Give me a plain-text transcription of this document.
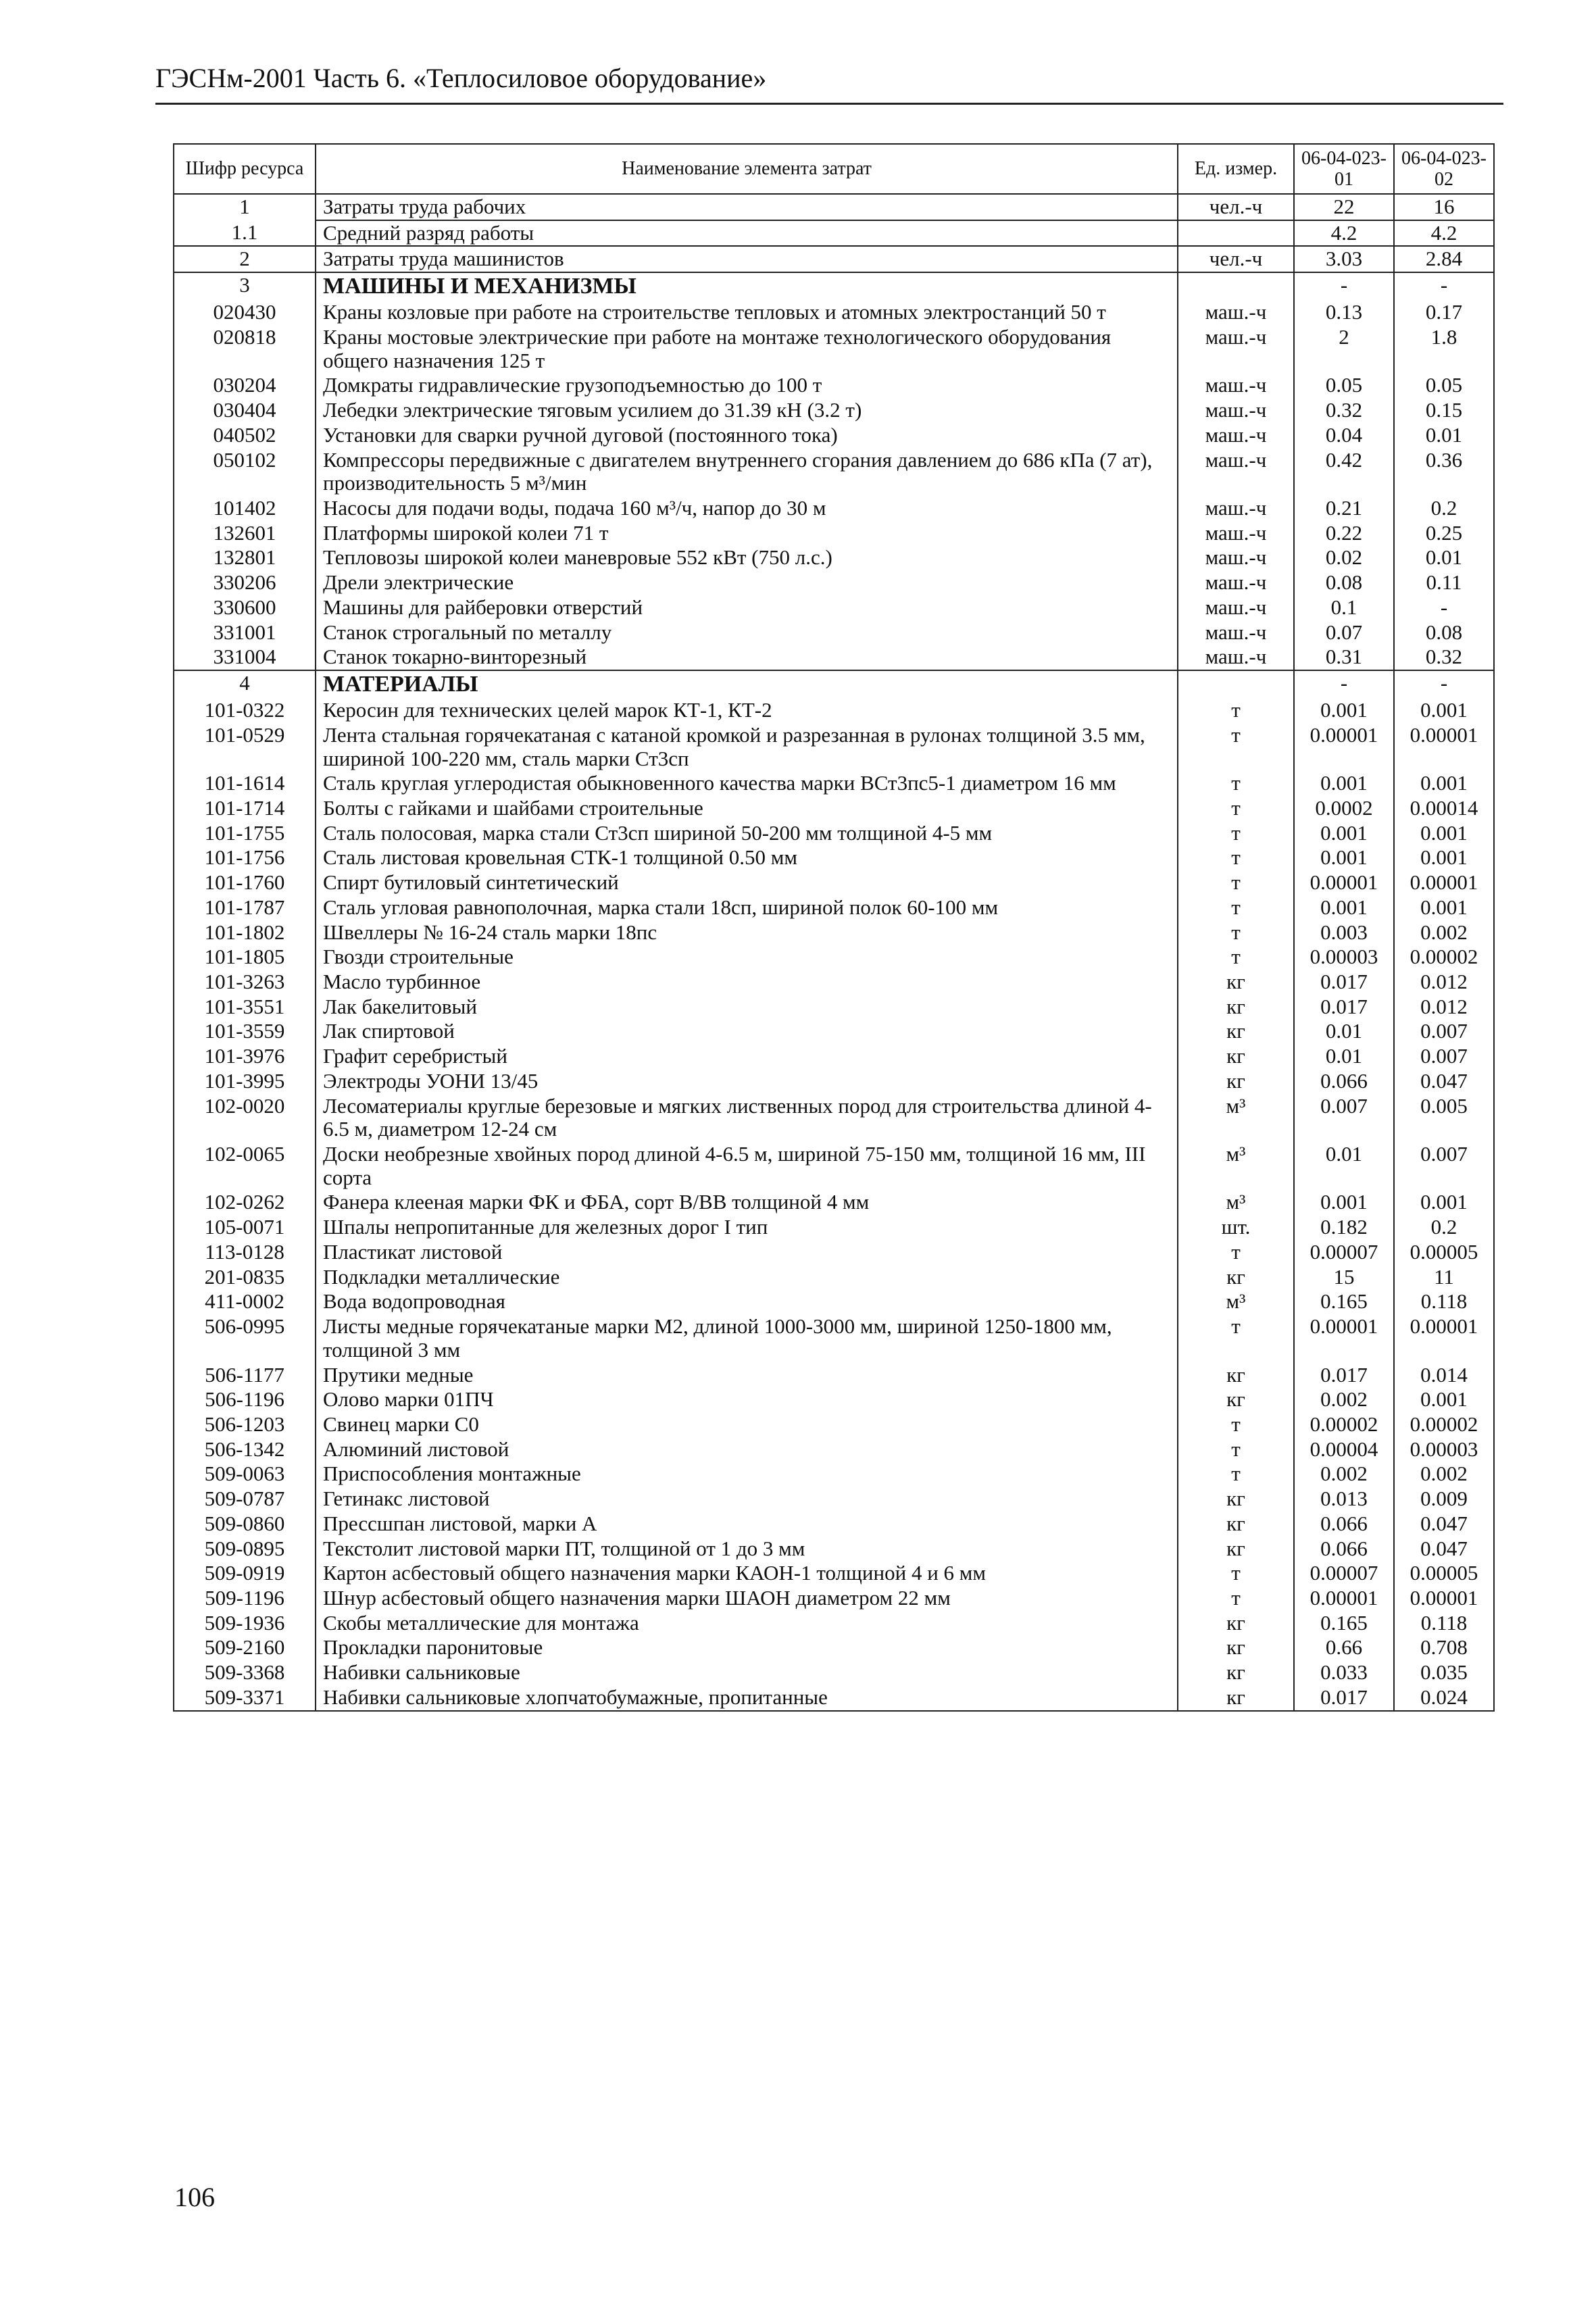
ГЭСНм-2001 Часть 6. «Теплосиловое оборудование»
Шифр ресурса	Наименование элемента затрат	Ед. измер.	06-04-023-01	06-04-023-02
1	Затраты труда рабочих	чел.-ч	22	16
1.1	Средний разряд работы		4.2	4.2
2	Затраты труда машинистов	чел.-ч	3.03	2.84
3	МАШИНЫ И МЕХАНИЗМЫ		-	-
020430	Краны козловые при работе на строительстве тепловых и атомных электростанций 50 т	маш.-ч	0.13	0.17
020818	Краны мостовые электрические при работе на монтаже технологического оборудования общего назначения 125 т	маш.-ч	2	1.8
030204	Домкраты гидравлические грузоподъемностью до 100 т	маш.-ч	0.05	0.05
030404	Лебедки электрические тяговым усилием до 31.39 кН (3.2 т)	маш.-ч	0.32	0.15
040502	Установки для сварки ручной дуговой (постоянного тока)	маш.-ч	0.04	0.01
050102	Компрессоры передвижные с двигателем внутреннего сгорания давлением до 686 кПа (7 ат), производительность 5 м³/мин	маш.-ч	0.42	0.36
101402	Насосы для подачи воды, подача 160 м³/ч, напор до 30 м	маш.-ч	0.21	0.2
132601	Платформы широкой колеи 71 т	маш.-ч	0.22	0.25
132801	Тепловозы широкой колеи маневровые 552 кВт (750 л.с.)	маш.-ч	0.02	0.01
330206	Дрели электрические	маш.-ч	0.08	0.11
330600	Машины для райберовки отверстий	маш.-ч	0.1	-
331001	Станок строгальный по металлу	маш.-ч	0.07	0.08
331004	Станок токарно-винторезный	маш.-ч	0.31	0.32
4	МАТЕРИАЛЫ		-	-
101-0322	Керосин для технических целей марок КТ-1, КТ-2	т	0.001	0.001
101-0529	Лента стальная горячекатаная с катаной кромкой и разрезанная в рулонах толщиной 3.5 мм, шириной 100-220 мм, сталь марки Ст3сп	т	0.00001	0.00001
101-1614	Сталь круглая углеродистая обыкновенного качества марки ВСт3пс5-1 диаметром 16 мм	т	0.001	0.001
101-1714	Болты с гайками и шайбами строительные	т	0.0002	0.00014
101-1755	Сталь полосовая, марка стали Ст3сп шириной 50-200 мм толщиной 4-5 мм	т	0.001	0.001
101-1756	Сталь листовая кровельная СТК-1 толщиной 0.50 мм	т	0.001	0.001
101-1760	Спирт бутиловый синтетический	т	0.00001	0.00001
101-1787	Сталь угловая равнополочная, марка стали 18сп, шириной полок 60-100 мм	т	0.001	0.001
101-1802	Швеллеры № 16-24 сталь марки 18пс	т	0.003	0.002
101-1805	Гвозди строительные	т	0.00003	0.00002
101-3263	Масло турбинное	кг	0.017	0.012
101-3551	Лак бакелитовый	кг	0.017	0.012
101-3559	Лак спиртовой	кг	0.01	0.007
101-3976	Графит серебристый	кг	0.01	0.007
101-3995	Электроды УОНИ 13/45	кг	0.066	0.047
102-0020	Лесоматериалы круглые березовые и мягких лиственных пород для строительства длиной 4-6.5 м, диаметром 12-24 см	м³	0.007	0.005
102-0065	Доски необрезные хвойных пород длиной 4-6.5 м, шириной 75-150 мм, толщиной 16 мм, III сорта	м³	0.01	0.007
102-0262	Фанера клееная марки ФК и ФБА, сорт В/ВВ толщиной 4 мм	м³	0.001	0.001
105-0071	Шпалы непропитанные для железных дорог I тип	шт.	0.182	0.2
113-0128	Пластикат листовой	т	0.00007	0.00005
201-0835	Подкладки металлические	кг	15	11
411-0002	Вода водопроводная	м³	0.165	0.118
506-0995	Листы медные горячекатаные марки М2, длиной 1000-3000 мм, шириной 1250-1800 мм, толщиной 3 мм	т	0.00001	0.00001
506-1177	Прутики медные	кг	0.017	0.014
506-1196	Олово марки 01ПЧ	кг	0.002	0.001
506-1203	Свинец марки С0	т	0.00002	0.00002
506-1342	Алюминий листовой	т	0.00004	0.00003
509-0063	Приспособления монтажные	т	0.002	0.002
509-0787	Гетинакс листовой	кг	0.013	0.009
509-0860	Прессшпан листовой, марки А	кг	0.066	0.047
509-0895	Текстолит листовой марки ПТ, толщиной от 1 до 3 мм	кг	0.066	0.047
509-0919	Картон асбестовый общего назначения марки КАОН-1 толщиной 4 и 6 мм	т	0.00007	0.00005
509-1196	Шнур асбестовый общего назначения марки ШАОН диаметром 22 мм	т	0.00001	0.00001
509-1936	Скобы металлические для монтажа	кг	0.165	0.118
509-2160	Прокладки паронитовые	кг	0.66	0.708
509-3368	Набивки сальниковые	кг	0.033	0.035
509-3371	Набивки сальниковые хлопчатобумажные, пропитанные	кг	0.017	0.024
106
